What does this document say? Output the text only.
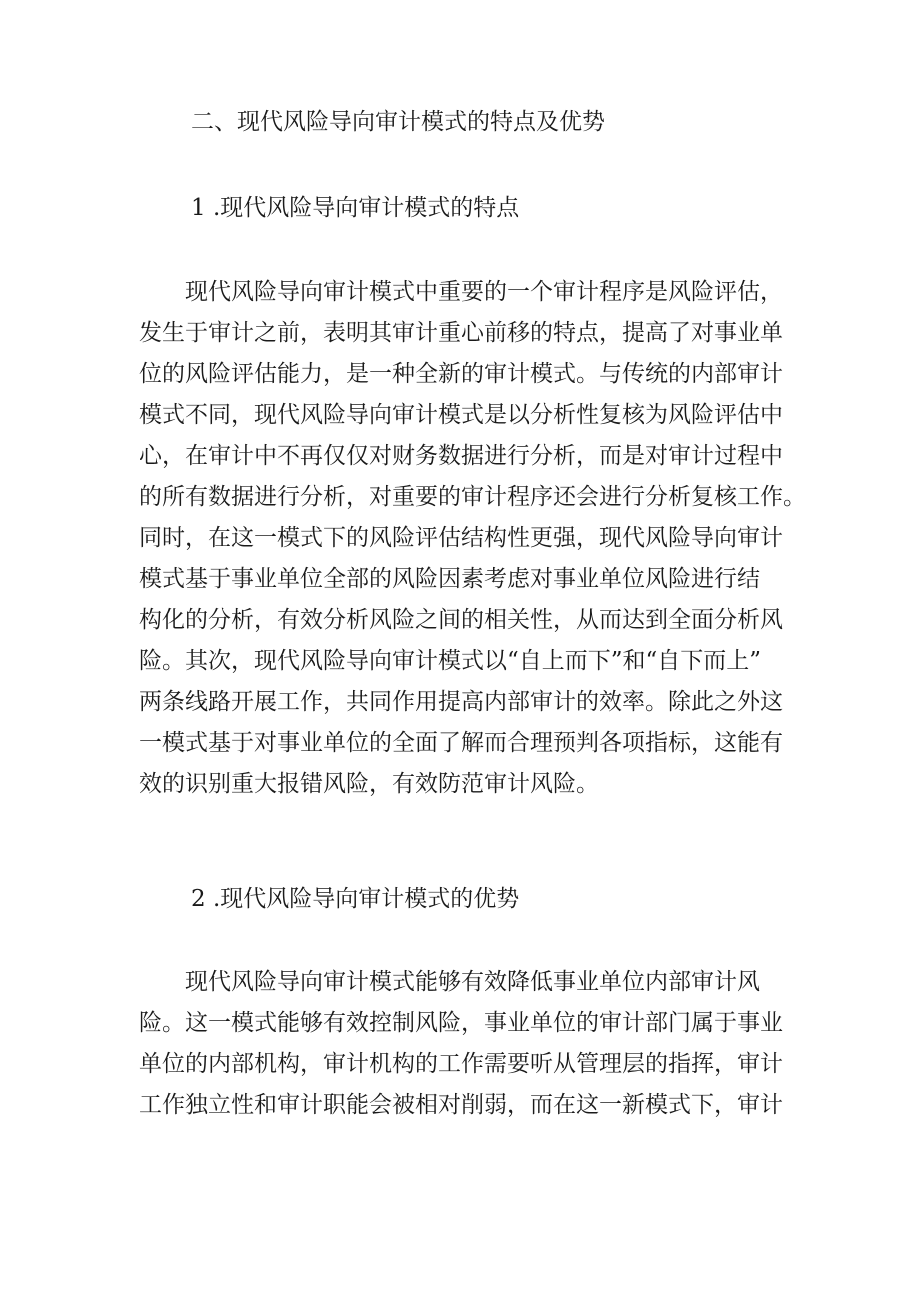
二、现代风险导向审计模式的特点及优势
1 .现代风险导向审计模式的特点

　　现代风险导向审计模式中重要的一个审计程序是风险评估，
发生于审计之前，表明其审计重心前移的特点，提高了对事业单
位的风险评估能力，是一种全新的审计模式。与传统的内部审计
模式不同，现代风险导向审计模式是以分析性复核为风险评估中
心，在审计中不再仅仅对财务数据进行分析，而是对审计过程中
的所有数据进行分析，对重要的审计程序还会进行分析复核工作。
同时，在这一模式下的风险评估结构性更强，现代风险导向审计
模式基于事业单位全部的风险因素考虑对事业单位风险进行结
构化的分析，有效分析风险之间的相关性，从而达到全面分析风
险。其次，现代风险导向审计模式以“自上而下”和“自下而上”
两条线路开展工作，共同作用提高内部审计的效率。除此之外这
一模式基于对事业单位的全面了解而合理预判各项指标，这能有
效的识别重大报错风险，有效防范审计风险。

2 .现代风险导向审计模式的优势

　　现代风险导向审计模式能够有效降低事业单位内部审计风
险。这一模式能够有效控制风险，事业单位的审计部门属于事业
单位的内部机构，审计机构的工作需要听从管理层的指挥，审计
工作独立性和审计职能会被相对削弱，而在这一新模式下，审计
